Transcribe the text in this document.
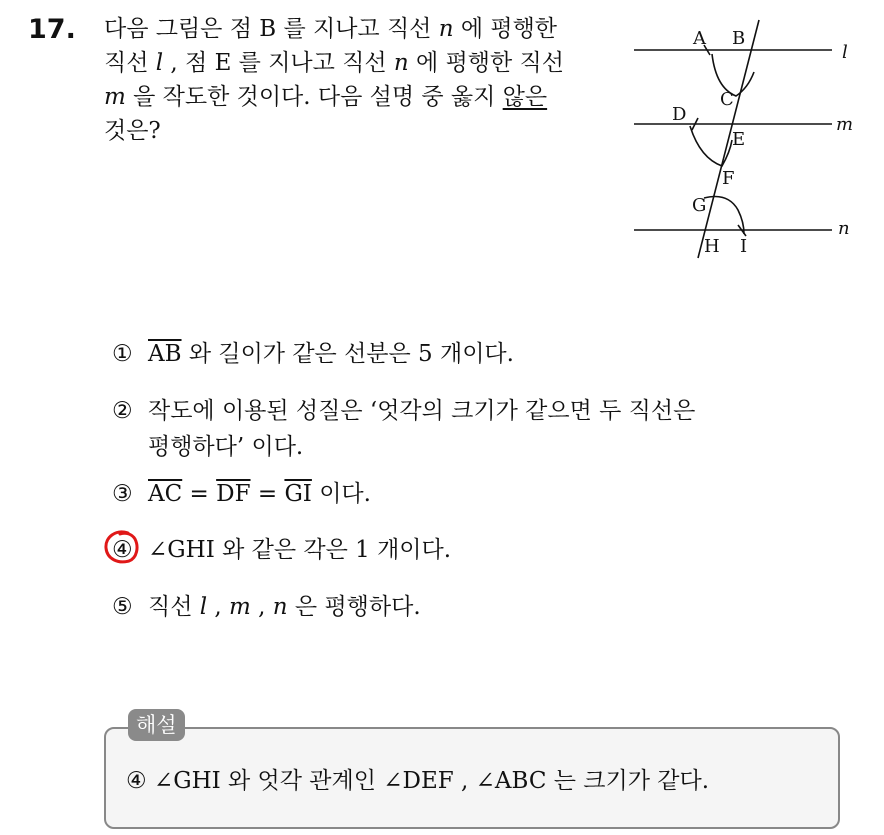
17. 다음 그림은 점 B 를 지나고 직선 n 에 평행한
직선 l , 점 E 를 지나고 직선 n 에 평행한 직선
m 을 작도한 것이다. 다음 설명 중 옳지 않은
것은?
l
m
n
A B
C
D
E
F
G
H I
① $\overline{AB}$ 와 길이가 같은 선분은 5 개이다.
② 작도에 이용된 성질은 ‘엇각의 크기가 같으면 두 직선은
평행하다’ 이다.
③ $\overline{AC} = \overline{DF} = \overline{GI}$ 이다.
④ ∠GHI 와 같은 각은 1 개이다.
⑤ 직선 l , m , n 은 평행하다.
해설
④ ∠GHI 와 엇각 관계인 ∠DEF , ∠ABC 는 크기가 같다.
